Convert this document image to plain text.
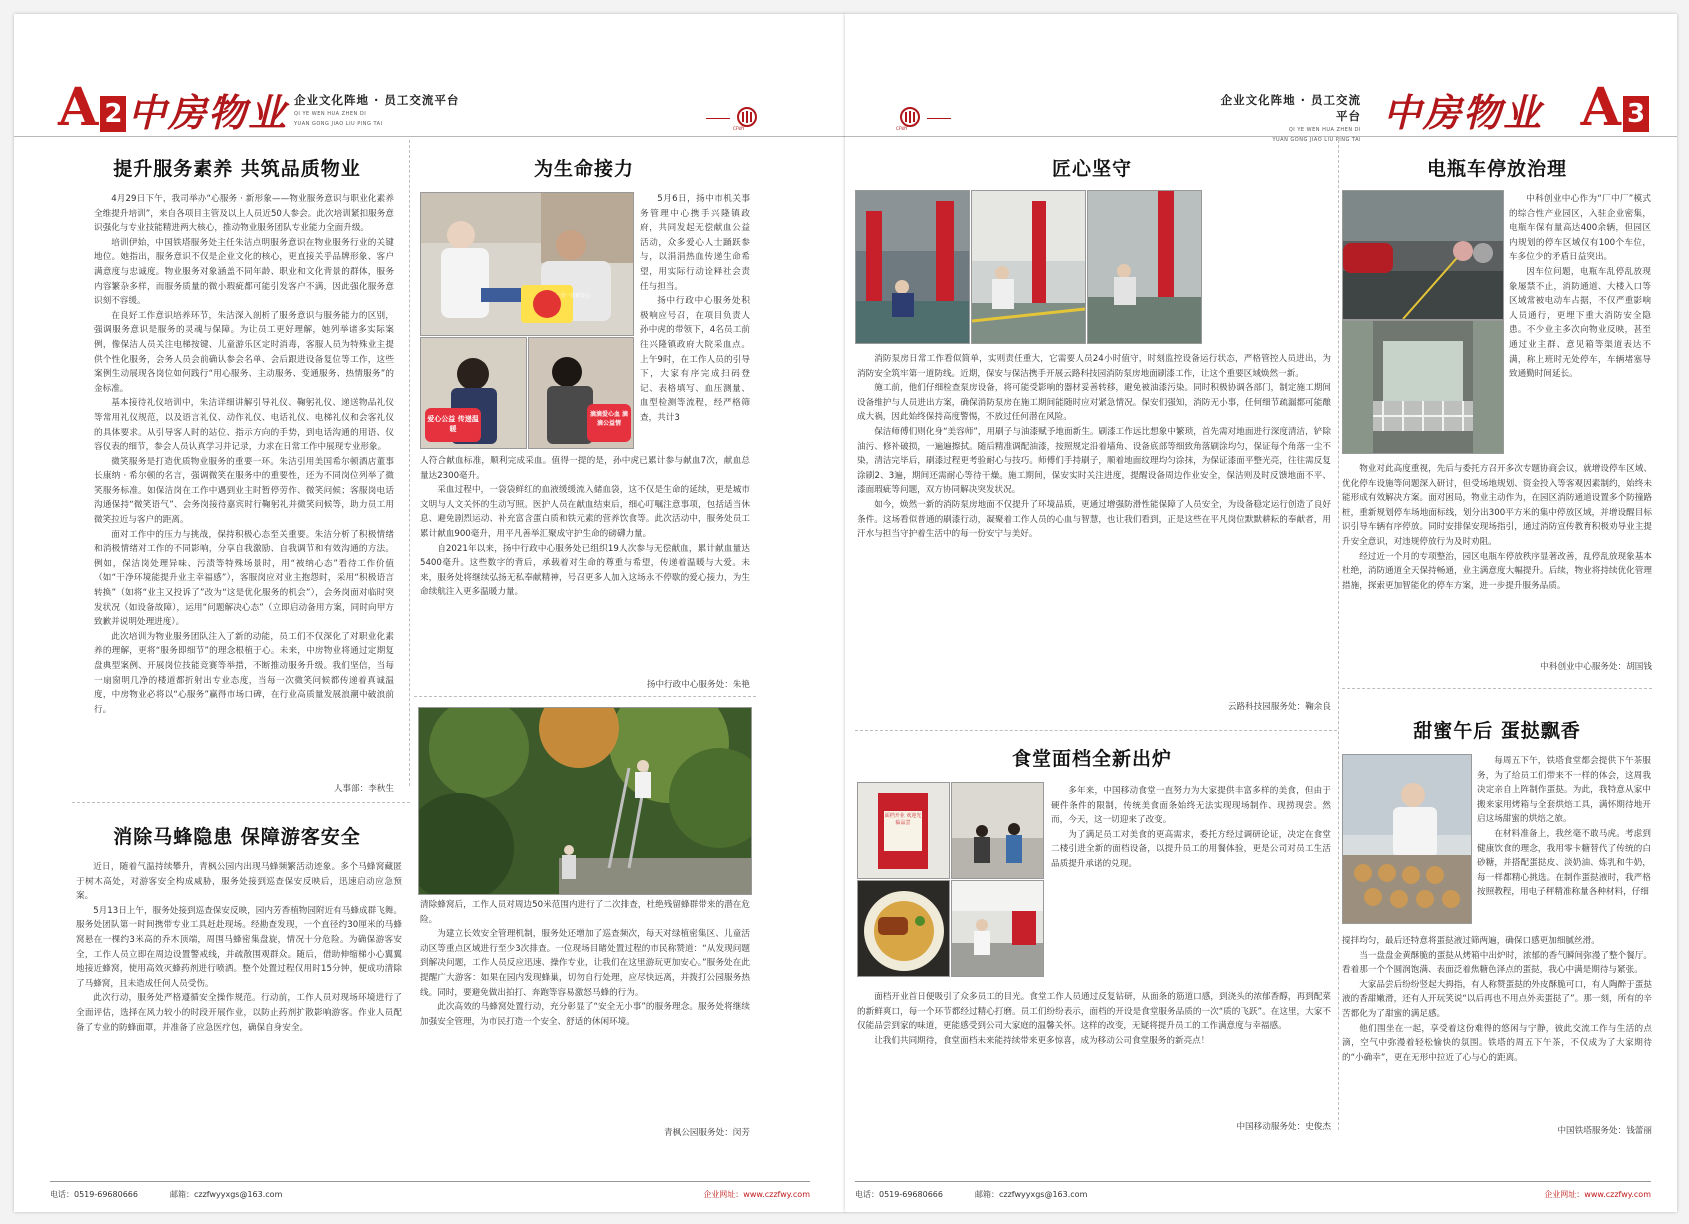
A 2 中房物业 企业文化阵地 · 员工交流平台
QI YE WEN HUA ZHEN DI
YUAN GONG JIAO LIU PING TAI
CFWY
提升服务素养 共筑品质物业

4月29日下午，我司举办“心服务 · 新形象——物业服务意识与职业化素养全维提升培训”，来自各项目主管及以上人员近50人参会。此次培训紧扣服务意识强化与专业技能精进两大核心，推动物业服务团队专业能力全面升级。

培训伊始，中国铁塔服务处主任朱洁点明服务意识在物业服务行业的关键地位。她指出，服务意识不仅是企业文化的核心，更直接关乎品牌形象、客户满意度与忠诚度。物业服务对象涵盖不同年龄、职业和文化背景的群体，服务内容繁杂多样，而服务质量的微小瑕疵都可能引发客户不满，因此强化服务意识刻不容缓。

在良好工作意识培养环节，朱洁深入剖析了服务意识与服务能力的区别，强调服务意识是服务的灵魂与保障。为让员工更好理解，她列举诸多实际案例，像保洁人员关注电梯按键、儿童游乐区定时消毒，客服人员为特殊业主提供个性化服务，会务人员会前确认参会名单、会后跟进设备复位等工作，这些案例生动展现各岗位如何践行“用心服务、主动服务、变通服务、热情服务”的金标准。

基本接待礼仪培训中，朱洁详细讲解引导礼仪、鞠躬礼仪、递送物品礼仪等常用礼仪规范，以及语言礼仪、动作礼仪、电话礼仪、电梯礼仪和会客礼仪的具体要求。从引导客人时的站位、指示方向的手势，到电话沟通的用语、仪容仪表的细节，参会人员认真学习并记录，力求在日常工作中展现专业形象。

微笑服务是打造优质物业服务的重要一环。朱洁引用美国希尔顿酒店董事长康纳 · 希尔顿的名言，强调微笑在服务中的重要性，还为不同岗位列举了微笑服务标准。如保洁岗在工作中遇到业主时暂停劳作、微笑问候；客服岗电话沟通保持“微笑语气”、会务岗接待嘉宾时行鞠躬礼并微笑问候等，助力员工用微笑拉近与客户的距离。

面对工作中的压力与挑战，保持积极心态至关重要。朱洁分析了积极情绪和消极情绪对工作的不同影响，分享自我激励、自我调节和有效沟通的方法。例如，保洁岗处理异味、污渍等特殊场景时，用“被纳心态”看待工作价值（如“干净环境能提升业主幸福感”），客服岗应对业主抱怨时，采用“积极语言转换”（如将“业主又投诉了”改为“这是优化服务的机会”），会务岗面对临时突发状况（如设备故障），运用“问题解决心态”（立即启动备用方案，同时向甲方致歉并说明处理进度）。

此次培训为物业服务团队注入了新的动能，员工们不仅深化了对职业化素养的理解，更将“服务即细节”的理念根植于心。未来，中房物业将通过定期复盘典型案例、开展岗位技能竞赛等举措，不断推动服务升级。我们坚信，当每一扇窗明几净的楼道都折射出专业态度，当每一次微笑问候都传递着真诚温度，中房物业必将以“心服务”赢得市场口碑，在行业高质量发展浪潮中破浪前行。

人事部：李秋生
为生命接力
一分一次献爱心
爱心公益 传递温暖
滴滴爱心血 滴滴公益情

5月6日，扬中市机关事务管理中心携手兴隆镇政府，共同发起无偿献血公益活动，众多爱心人士踊跃参与，以涓涓热血传递生命希望，用实际行动诠释社会责任与担当。

扬中行政中心服务处积极响应号召，在项目负责人孙中虎的带领下，4名员工前往兴隆镇政府大院采血点。上午9时，在工作人员的引导下，大家有序完成扫码登记、表格填写、血压测量、血型检测等流程，经严格筛查，共计3

人符合献血标准，顺利完成采血。值得一提的是，孙中虎已累计参与献血7次，献血总量达2300毫升。

采血过程中，一袋袋鲜红的血液缓缓流入储血袋，这不仅是生命的延续，更是城市文明与人文关怀的生动写照。医护人员在献血结束后，细心叮嘱注意事项，包括适当休息、避免剧烈运动、补充富含蛋白质和铁元素的营养饮食等。此次活动中，服务处员工累计献血900毫升，用平凡善举汇聚成守护生命的磅礴力量。

自2021年以来，扬中行政中心服务处已组织19人次参与无偿献血，累计献血量达5400毫升。这些数字的背后，承载着对生命的尊重与希望，传递着温暖与大爱。未来，服务处将继续弘扬无私奉献精神，号召更多人加入这场永不停歇的爱心接力，为生命续航注入更多温暖力量。

扬中行政中心服务处：朱艳
消除马蜂隐患 保障游客安全

近日，随着气温持续攀升，青枫公园内出现马蜂频繁活动迹象。多个马蜂窝藏匿于树木高处，对游客安全构成威胁，服务处接到巡查保安反映后，迅速启动应急预案。

5月13日上午，服务处接到巡查保安反映，园内芳香植物园附近有马蜂成群飞舞。服务处团队第一时间携带专业工具赶赴现场。经勘查发现，一个直径约30厘米的马蜂窝悬在一棵约3米高的乔木顶端，周围马蜂密集盘旋，情况十分危险。为确保游客安全，工作人员立即在周边设置警戒线，并疏散围观群众。随后，借助伸缩梯小心翼翼地接近蜂窝，使用高效灭蜂药剂进行喷洒。整个处置过程仅用时15分钟，便成功清除了马蜂窝，且未造成任何人员受伤。

此次行动，服务处严格遵循安全操作规范。行动前，工作人员对现场环境进行了全面评估，选择在风力较小的时段开展作业，以防止药剂扩散影响游客。作业人员配备了专业的防蜂面罩，并准备了应急医疗包，确保自身安全。

清除蜂窝后，工作人员对周边50米范围内进行了二次排查，杜绝残留蜂群带来的潜在危险。

为建立长效安全管理机制，服务处还增加了巡查频次，每天对绿植密集区、儿童活动区等重点区域进行至少3次排查。一位现场目睹处置过程的市民称赞道：“从发现问题到解决问题，工作人员反应迅速、操作专业，让我们在这里游玩更加安心。”服务处在此提醒广大游客：如果在园内发现蜂巢，切勿自行处理，应尽快远离，并拨打公园服务热线。同时，要避免做出拍打、奔跑等容易激怒马蜂的行为。

此次高效的马蜂窝处置行动，充分彰显了“安全无小事”的服务理念。服务处将继续加强安全管理，为市民打造一个安全、舒适的休闲环境。

青枫公园服务处：闵芳
电话：0519-69680666	邮箱：czzfwyyxgs@163.com	企业网址：www.czzfwy.com
CFWY
企业文化阵地 · 员工交流平台
QI YE WEN HUA ZHEN DI
YUAN GONG JIAO LIU PING TAI
中房物业 A 3
匠心坚守

消防泵房日常工作看似简单，实则责任重大，它需要人员24小时值守，时刻监控设备运行状态，严格管控人员进出，为消防安全筑牢第一道防线。近期，保安与保洁携手开展云路科技园消防泵房地面刷漆工作，让这个重要区域焕然一新。

施工前，他们仔细检查泵房设备，将可能受影响的器材妥善转移，避免被油漆污染。同时积极协调各部门，制定施工期间设备维护与人员进出方案，确保消防泵房在施工期间能随时应对紧急情况。保安们强知，消防无小事，任何细节疏漏都可能酿成大祸，因此始终保持高度警惕，不放过任何潜在风险。

保洁师傅们则化身“美容师”，用刷子与油漆赋予地面新生。刷漆工作远比想象中繁琐，首先需对地面进行深度清洁，铲除油污、修补破损，一遍遍擦拭。随后精准调配油漆，按照规定沿着墙角、设备底部等细致角落刷涂均匀，保证每个角落一尘不染，清洁完毕后，刷漆过程更考验耐心与技巧。师傅们手持刷子，顺着地面纹理均匀涂抹，为保证漆面平整光亮，往往需反复涂刷2、3遍，期间还需耐心等待干燥。施工期间，保安实时关注进度，提醒设备周边作业安全，保洁则及时反馈地面不平、漆面瑕疵等问题，双方协同解决突发状况。

如今，焕然一新的消防泵房地面不仅提升了环境品质，更通过增强防滑性能保障了人员安全，为设备稳定运行创造了良好条件。这场看似普通的刷漆行动，凝聚着工作人员的心血与智慧，也让我们看到，正是这些在平凡岗位默默耕耘的奉献者，用汗水与担当守护着生活中的每一份安宁与美好。

云路科技园服务处：鞠余良
食堂面档全新出炉
面档开业 欢迎光临品尝

多年来，中国移动食堂一直努力为大家提供丰富多样的美食，但由于硬件条件的限制，传统美食面条始终无法实现现场制作、现捞现尝。然而，今天，这一切迎来了改变。

为了满足员工对美食的更高需求，委托方经过调研论证，决定在食堂二楼引进全新的面档设备，以提升员工的用餐体验，更是公司对员工生活品质提升承诺的兑现。

面档开业首日便吸引了众多员工的目光。食堂工作人员通过反复钻研，从面条的筋道口感，到浇头的浓郁香醇，再到配菜的新鲜爽口，每一个环节都经过精心打磨。员工们纷纷表示，面档的开设是食堂服务品质的一次“质的飞跃”。在这里，大家不仅能品尝到家的味道，更能感受到公司大家庭的温馨关怀。这样的改变，无疑将提升员工的工作满意度与幸福感。

让我们共同期待，食堂面档未来能持续带来更多惊喜，成为移动公司食堂服务的新亮点！

中国移动服务处：史俊杰
电瓶车停放治理

中科创业中心作为“厂中厂”模式的综合性产业园区，入驻企业密集，电瓶车保有量高达400余辆，但园区内规划的停车区域仅有100个车位，车多位少的矛盾日益突出。

因车位问题，电瓶车乱停乱放现象屡禁不止，消防通道、大楼入口等区域常被电动车占据，不仅严重影响人员通行，更埋下重大消防安全隐患。不少业主多次向物业反映，甚至通过业主群、意见箱等渠道表达不满，称上班时无处停车，车辆堵塞导致通勤时间延长。

物业对此高度重视，先后与委托方召开多次专题协商会议，就增设停车区域、优化停车设施等问题深入研讨，但受场地规划、资金投入等客观因素制约，始终未能形成有效解决方案。面对困局，物业主动作为，在园区消防通道设置多个防撞路桩，重新规划停车场地面标线，划分出300平方米的集中停放区域，并增设醒目标识引导车辆有序停放。同时安排保安现场指引，通过消防宣传教育积极劝导业主提升安全意识，对违规停放行为及时劝阻。

经过近一个月的专项整治，园区电瓶车停放秩序显著改善，乱停乱放现象基本杜绝，消防通道全天保持畅通，业主满意度大幅提升。后续，物业将持续优化管理措施，探索更加智能化的停车方案，进一步提升服务品质。

中科创业中心服务处：胡国钱
甜蜜午后 蛋挞飘香

每周五下午，铁塔食堂都会提供下午茶服务，为了给员工们带来不一样的体会，这周我决定亲自上阵制作蛋挞。为此，我特意从家中搬来家用烤箱与全套烘焙工具，满怀期待地开启这场甜蜜的烘焙之旅。

在材料准备上，我丝毫不敢马虎。考虑到健康饮食的理念，我用零卡糖替代了传统的白砂糖，并搭配蛋挞皮、淡奶油、炼乳和牛奶，每一样都精心挑选。在制作蛋挞液时，我严格按照教程，用电子秤精准称量各种材料，仔细

搅拌均匀，最后还特意将蛋挞液过筛两遍，确保口感更加细腻丝滑。

当一盘盘金黄酥脆的蛋挞从烤箱中出炉时，浓郁的香气瞬间弥漫了整个餐厅。看着那一个个圆润饱满、表面泛着焦糖色泽点的蛋挞，我心中满是期待与紧张。

大家品尝后纷纷竖起大拇指，有人称赞蛋挞的外皮酥脆可口，有人陶醉于蛋挞液的香甜嫩滑，还有人开玩笑说“以后再也不用点外卖蛋挞了”。那一刻，所有的辛苦都化为了甜蜜的满足感。

他们围坐在一起，享受着这份难得的悠闲与宁静，彼此交流工作与生活的点滴，空气中弥漫着轻松愉快的氛围。铁塔的周五下午茶，不仅成为了大家期待的“小确幸”，更在无形中拉近了心与心的距离。

中国铁塔服务处：钱蕾丽
电话：0519-69680666	邮箱：czzfwyyxgs@163.com	企业网址：www.czzfwy.com
